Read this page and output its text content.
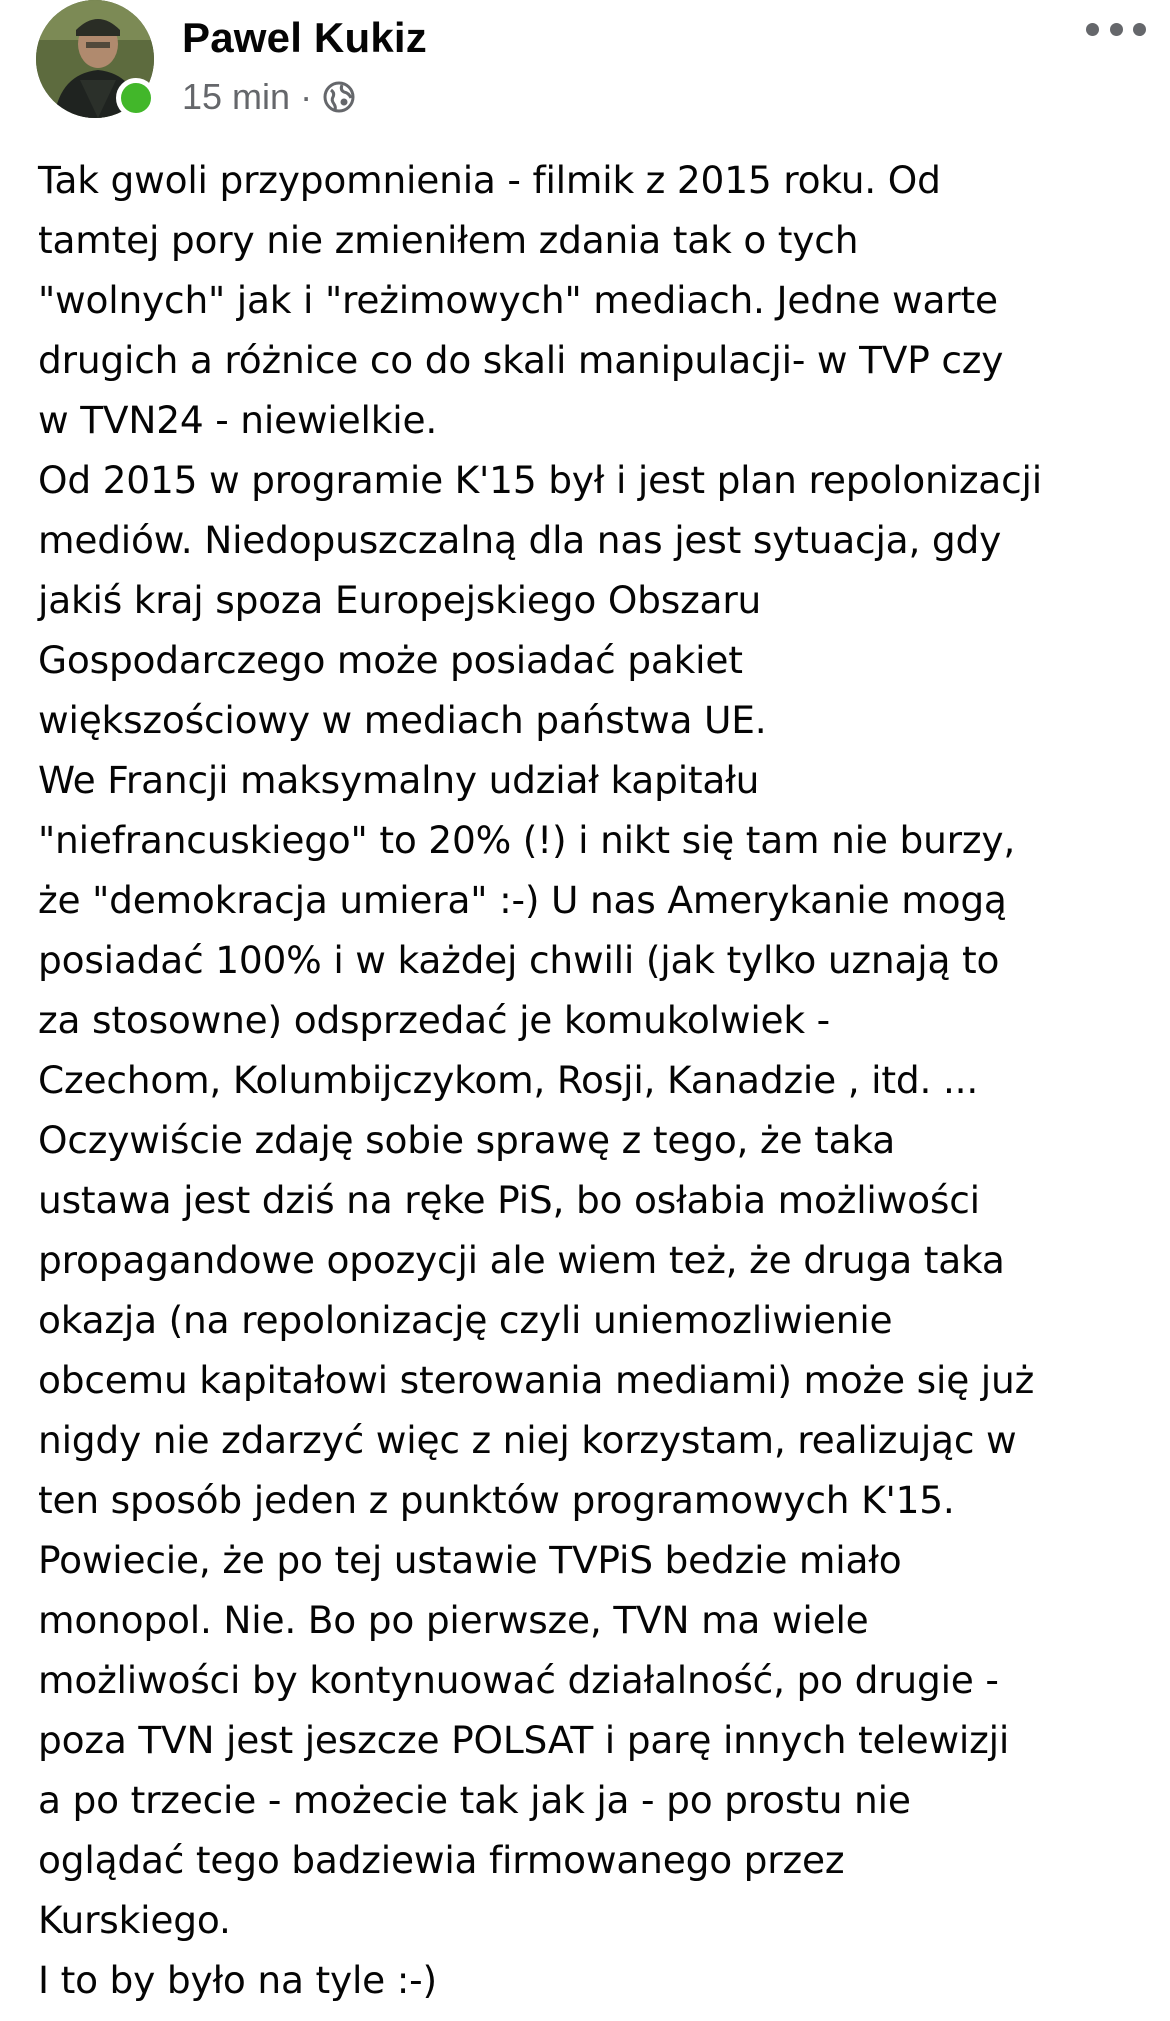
Pawel Kukiz
15 min ·
Tak gwoli przypomnienia - filmik z 2015 roku. Od
tamtej pory nie zmieniłem zdania tak o tych
"wolnych" jak i "reżimowych" mediach. Jedne warte
drugich a różnice co do skali manipulacji- w TVP czy
w TVN24 - niewielkie.
Od 2015 w programie K'15 był i jest plan repolonizacji
mediów. Niedopuszczalną dla nas jest sytuacja, gdy
jakiś kraj spoza Europejskiego Obszaru
Gospodarczego może posiadać pakiet
większościowy w mediach państwa UE.
We Francji maksymalny udział kapitału
"niefrancuskiego" to 20% (!) i nikt się tam nie burzy,
że "demokracja umiera" :-) U nas Amerykanie mogą
posiadać 100% i w każdej chwili (jak tylko uznają to
za stosowne) odsprzedać je komukolwiek -
Czechom, Kolumbijczykom, Rosji, Kanadzie , itd. ...
Oczywiście zdaję sobie sprawę z tego, że taka
ustawa jest dziś na ręke PiS, bo osłabia możliwości
propagandowe opozycji ale wiem też, że druga taka
okazja (na repolonizację czyli uniemozliwienie
obcemu kapitałowi sterowania mediami) może się już
nigdy nie zdarzyć więc z niej korzystam, realizując w
ten sposób jeden z punktów programowych K'15.
Powiecie, że po tej ustawie TVPiS bedzie miało
monopol. Nie. Bo po pierwsze, TVN ma wiele
możliwości by kontynuować działalność, po drugie -
poza TVN jest jeszcze POLSAT i parę innych telewizji
a po trzecie - możecie tak jak ja - po prostu nie
oglądać tego badziewia firmowanego przez
Kurskiego.
I to by było na tyle :-)
